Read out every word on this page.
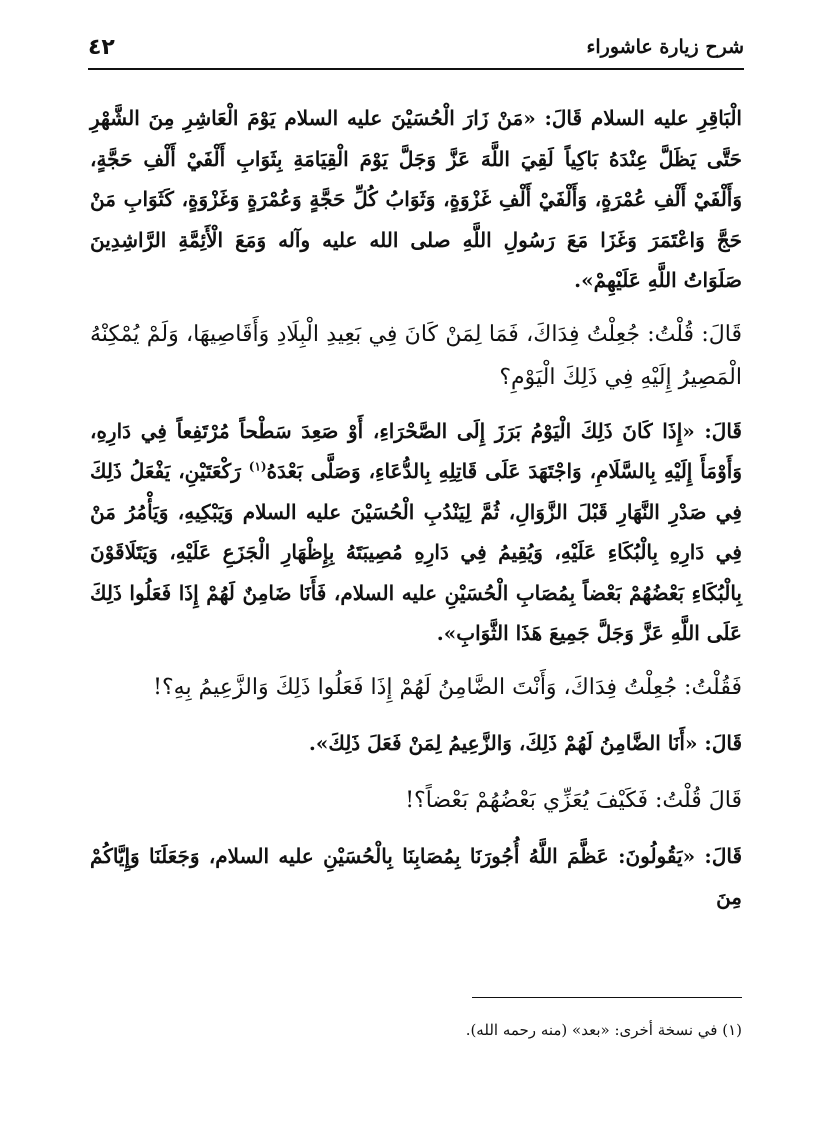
شرح زيارة عاشوراء
٤٢

الْبَاقِرِ عليه السلام قَالَ: «مَنْ زَارَ الْحُسَيْنَ عليه السلام يَوْمَ الْعَاشِرِ مِنَ الشَّهْرِ حَتَّى يَظَلَّ عِنْدَهُ بَاكِياً لَقِيَ اللَّهَ عَزَّ وَجَلَّ يَوْمَ الْقِيَامَةِ بِثَوَابِ أَلْفَيْ أَلْفِ حَجَّةٍ، وَأَلْفَيْ أَلْفِ عُمْرَةٍ، وَأَلْفَيْ أَلْفِ غَزْوَةٍ، وَثَوَابُ كُلِّ حَجَّةٍ وَعُمْرَةٍ وَغَزْوَةٍ، كَثَوَابِ مَنْ حَجَّ وَاعْتَمَرَ وَغَزَا مَعَ رَسُولِ اللَّهِ صلى الله عليه وآله وَمَعَ الْأَئِمَّةِ الرَّاشِدِينَ صَلَوَاتُ اللَّهِ عَلَيْهِمْ».

قَالَ: قُلْتُ: جُعِلْتُ فِدَاكَ، فَمَا لِمَنْ كَانَ فِي بَعِيدِ الْبِلَادِ وَأَقَاصِيهَا، وَلَمْ يُمْكِنْهُ الْمَصِيرُ إِلَيْهِ فِي ذَلِكَ الْيَوْمِ؟

قَالَ: «إِذَا كَانَ ذَلِكَ الْيَوْمُ بَرَزَ إِلَى الصَّحْرَاءِ، أَوْ صَعِدَ سَطْحاً مُرْتَفِعاً فِي دَارِهِ، وَأَوْمَأَ إِلَيْهِ بِالسَّلَامِ، وَاجْتَهَدَ عَلَى قَاتِلِهِ بِالدُّعَاءِ، وَصَلَّى بَعْدَهُ$^{(١)}$ رَكْعَتَيْنِ، يَفْعَلُ ذَلِكَ فِي صَدْرِ النَّهَارِ قَبْلَ الزَّوَالِ، ثُمَّ لِيَنْدُبِ الْحُسَيْنَ عليه السلام وَيَبْكِيهِ، وَيَأْمُرُ مَنْ فِي دَارِهِ بِالْبُكَاءِ عَلَيْهِ، وَيُقِيمُ فِي دَارِهِ مُصِيبَتَهُ بِإِظْهَارِ الْجَزَعِ عَلَيْهِ، وَيَتَلَاقَوْنَ بِالْبُكَاءِ بَعْضُهُمْ بَعْضاً بِمُصَابِ الْحُسَيْنِ عليه السلام، فَأَنَا ضَامِنٌ لَهُمْ إِذَا فَعَلُوا ذَلِكَ عَلَى اللَّهِ عَزَّ وَجَلَّ جَمِيعَ هَذَا الثَّوَابِ».

فَقُلْتُ: جُعِلْتُ فِدَاكَ، وَأَنْتَ الضَّامِنُ لَهُمْ إِذَا فَعَلُوا ذَلِكَ وَالزَّعِيمُ بِهِ؟!

قَالَ: «أَنَا الضَّامِنُ لَهُمْ ذَلِكَ، وَالزَّعِيمُ لِمَنْ فَعَلَ ذَلِكَ».

قَالَ قُلْتُ: فَكَيْفَ يُعَزِّي بَعْضُهُمْ بَعْضاً؟!

قَالَ: «يَقُولُونَ: عَظَّمَ اللَّهُ أُجُورَنَا بِمُصَابِنَا بِالْحُسَيْنِ عليه السلام، وَجَعَلَنَا وَإِيَّاكُمْ مِنَ

(١) في نسخة أخرى: «بعد» (منه رحمه الله).
